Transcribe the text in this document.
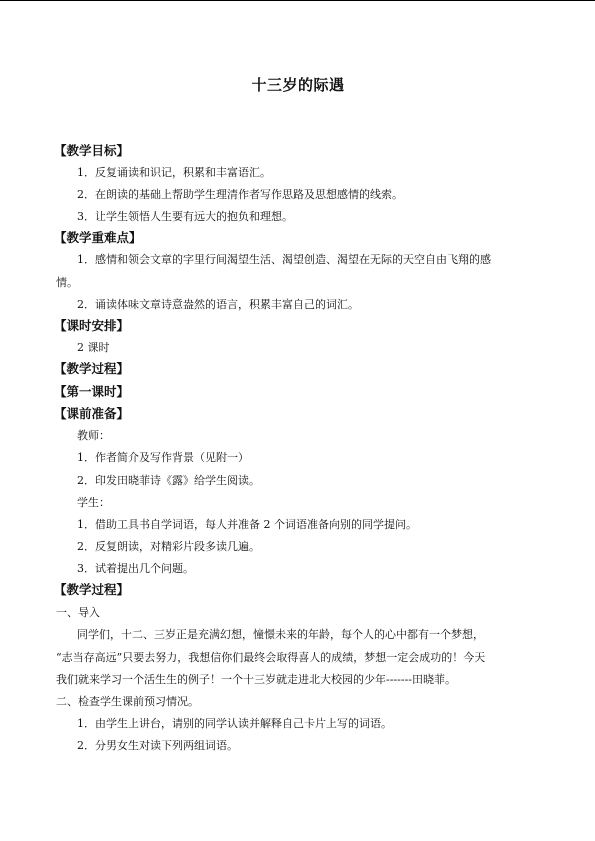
十三岁的际遇
【教学目标】
1．反复诵读和识记，积累和丰富语汇。
2．在朗读的基础上帮助学生理清作者写作思路及思想感情的线索。
3．让学生领悟人生要有远大的抱负和理想。
【教学重难点】
1．感情和领会文章的字里行间渴望生活、渴望创造、渴望在无际的天空自由飞翔的感
情。
2．诵读体味文章诗意盎然的语言，积累丰富自己的词汇。
【课时安排】
2 课时
【教学过程】
【第一课时】
【课前准备】
教师：
1．作者简介及写作背景（见附一）
2．印发田晓菲诗《露》给学生阅读。
学生：
1．借助工具书自学词语，每人并准备 2 个词语准备向别的同学提问。
2．反复朗读，对精彩片段多读几遍。
3．试着提出几个问题。
【教学过程】
一、导入
同学们，十二、三岁正是充满幻想，憧憬未来的年龄，每个人的心中都有一个梦想，
“志当存高远”只要去努力，我想信你们最终会取得喜人的成绩，梦想一定会成功的！今天
我们就来学习一个活生生的例子！一个十三岁就走进北大校园的少年-------田晓菲。
二、检查学生课前预习情况。
1．由学生上讲台，请别的同学认读并解释自己卡片上写的词语。
2．分男女生对读下列两组词语。
